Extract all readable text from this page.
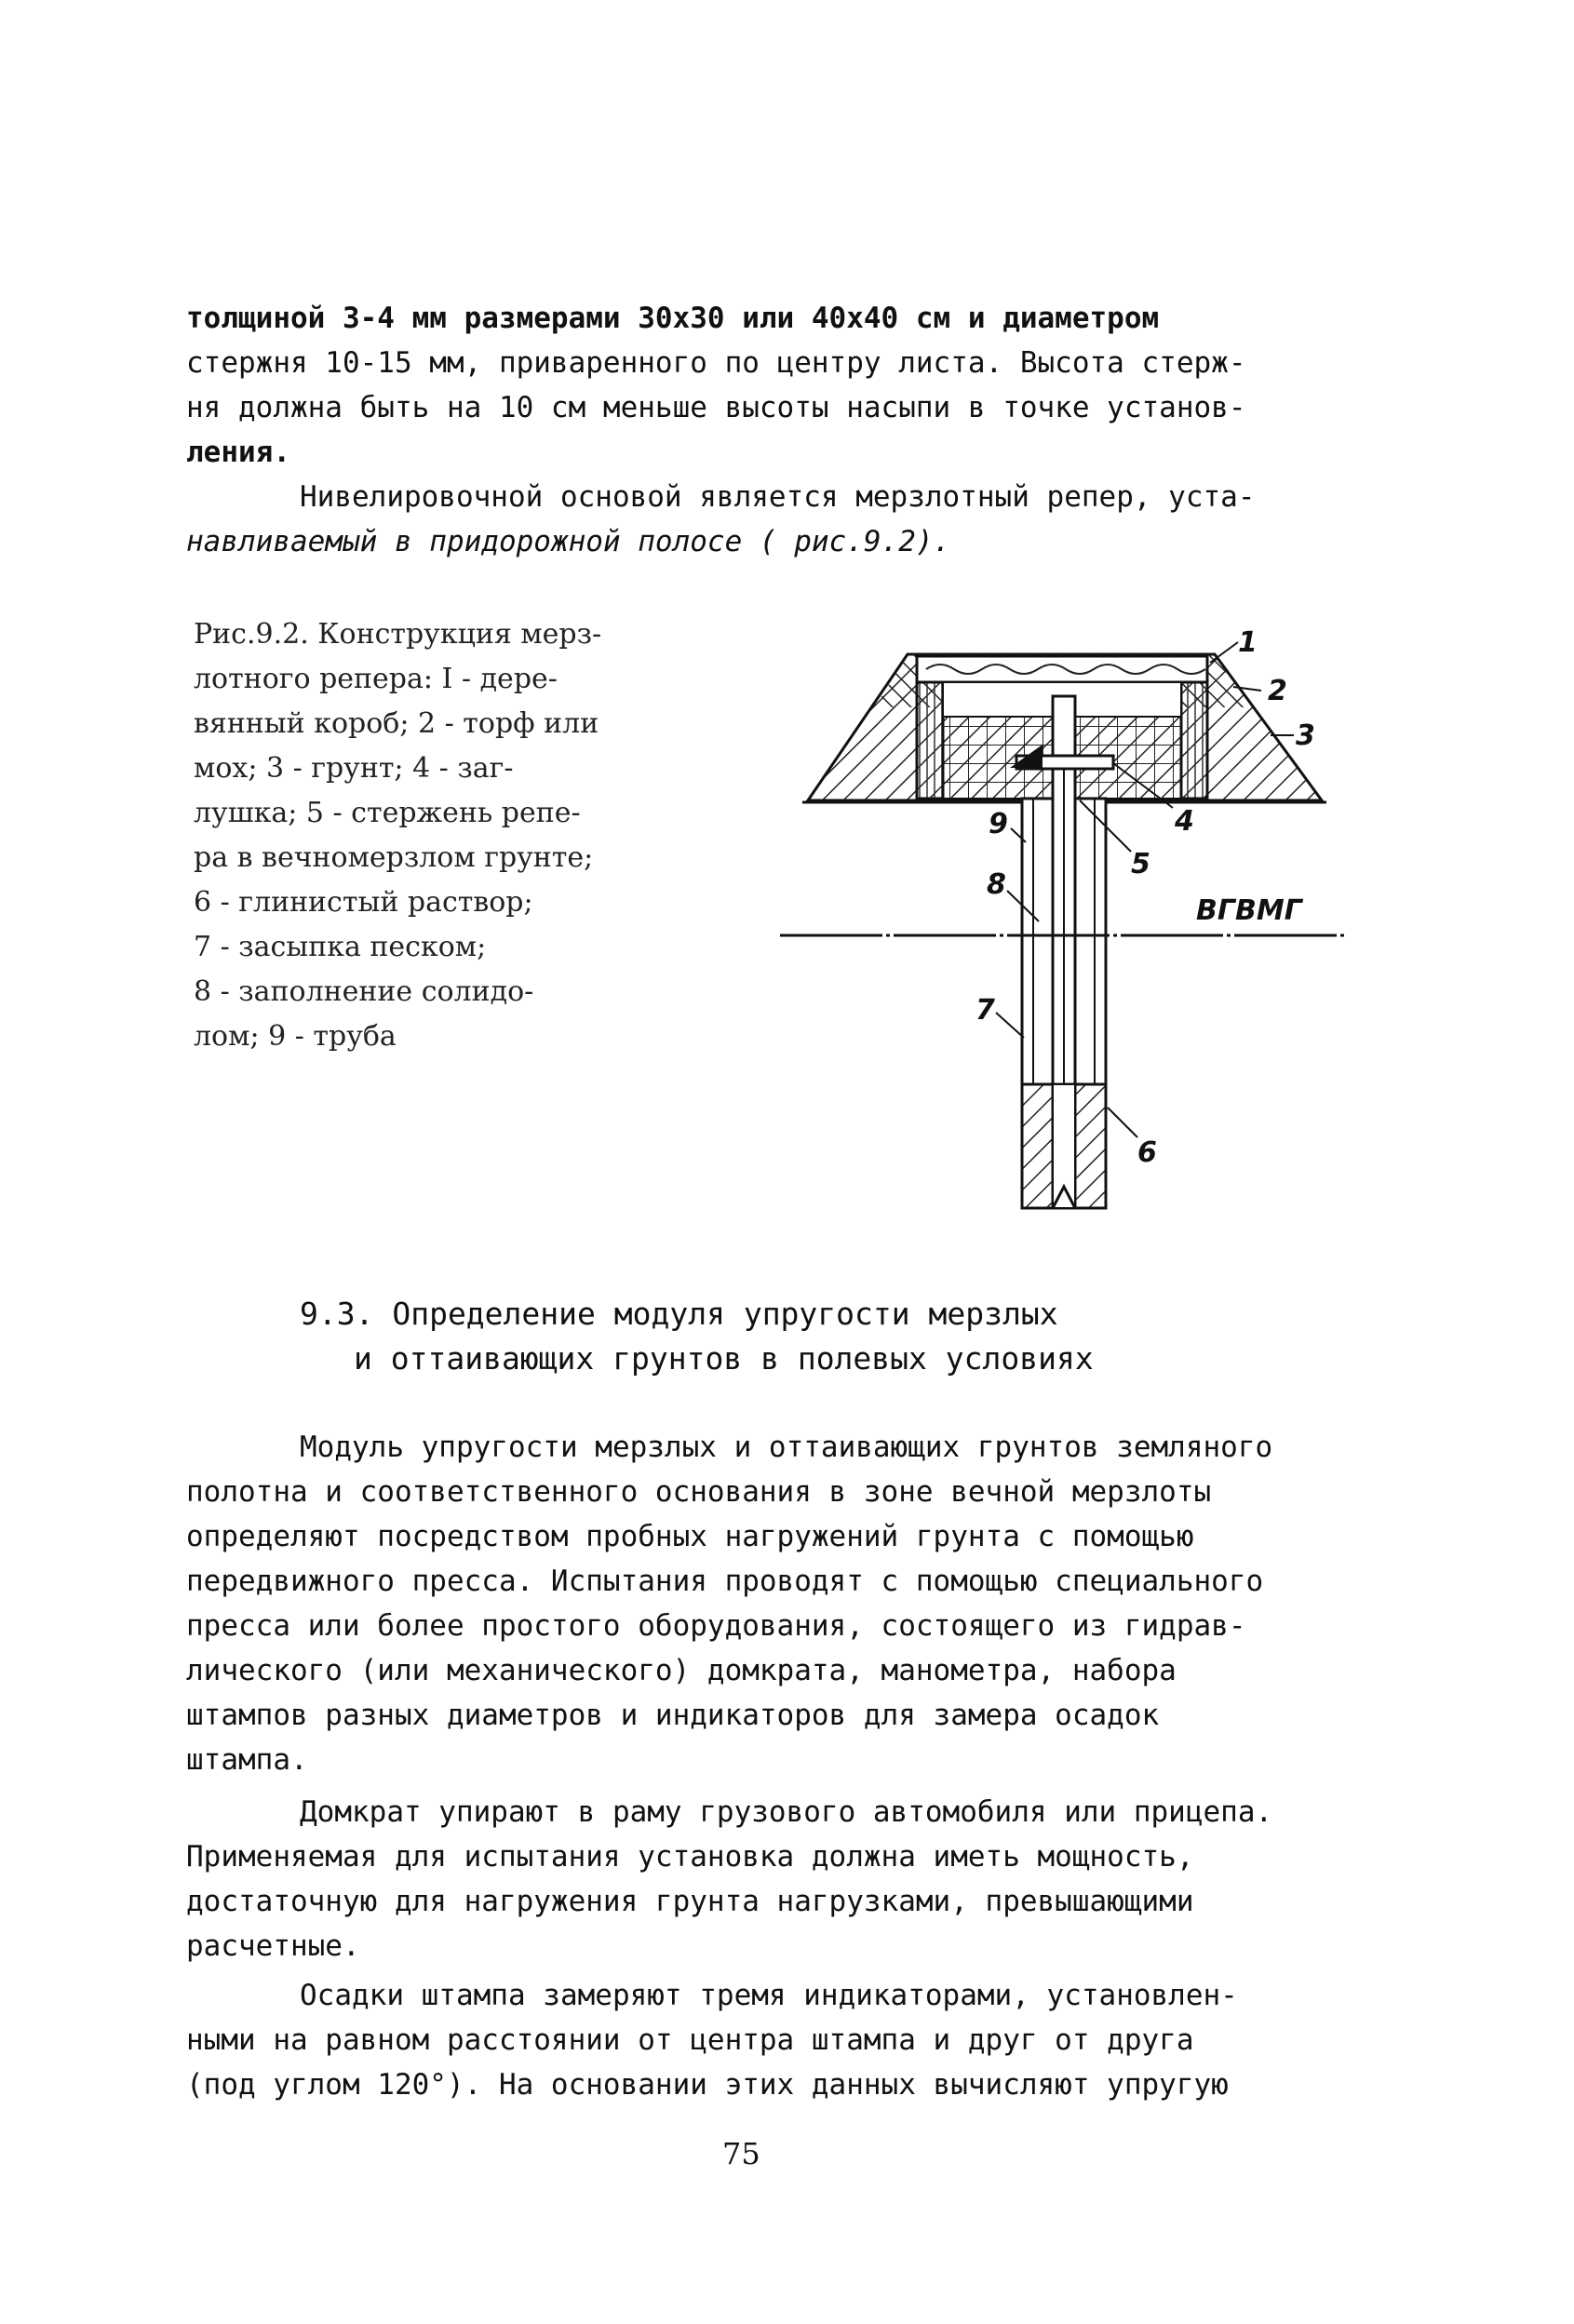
толщиной 3-4 мм размерами 30х30 или 40х40 см и диаметром
стержня 10-15 мм, приваренного по центру листа. Высота стерж-
ня должна быть на 10 см меньше высоты насыпи в точке установ-
ления.
Нивелировочной основой является мерзлотный репер, уста-
навливаемый в придорожной полосе ( рис.9.2).
Рис.9.2. Конструкция мерз-
лотного репера: I - дере-
вянный короб; 2 - торф или
мох; 3 - грунт; 4 - заг-
лушка; 5 - стержень репе-
ра в вечномерзлом грунте;
6 - глинистый раствор;
7 - засыпка песком;
8 - заполнение солидо-
лом; 9 - труба
ВГВМГ
1
2
3
4
5
6
7
8
9
9.3. Определение модуля упругости мерзлых
и оттаивающих грунтов в полевых условиях
Модуль упругости мерзлых и оттаивающих грунтов земляного
полотна и соответственного основания в зоне вечной мерзлоты
определяют посредством пробных нагружений грунта с помощью
передвижного пресса. Испытания проводят с помощью специального
пресса или более простого оборудования, состоящего из гидрав-
лического (или механического) домкрата, манометра, набора
штампов разных диаметров и индикаторов для замера осадок
штампа.
Домкрат упирают в раму грузового автомобиля или прицепа.
Применяемая для испытания установка должна иметь мощность,
достаточную для нагружения грунта нагрузками, превышающими
расчетные.
Осадки штампа замеряют тремя индикаторами, установлен-
ными на равном расстоянии от центра штампа и друг от друга
(под углом 120°). На основании этих данных вычисляют упругую
75
